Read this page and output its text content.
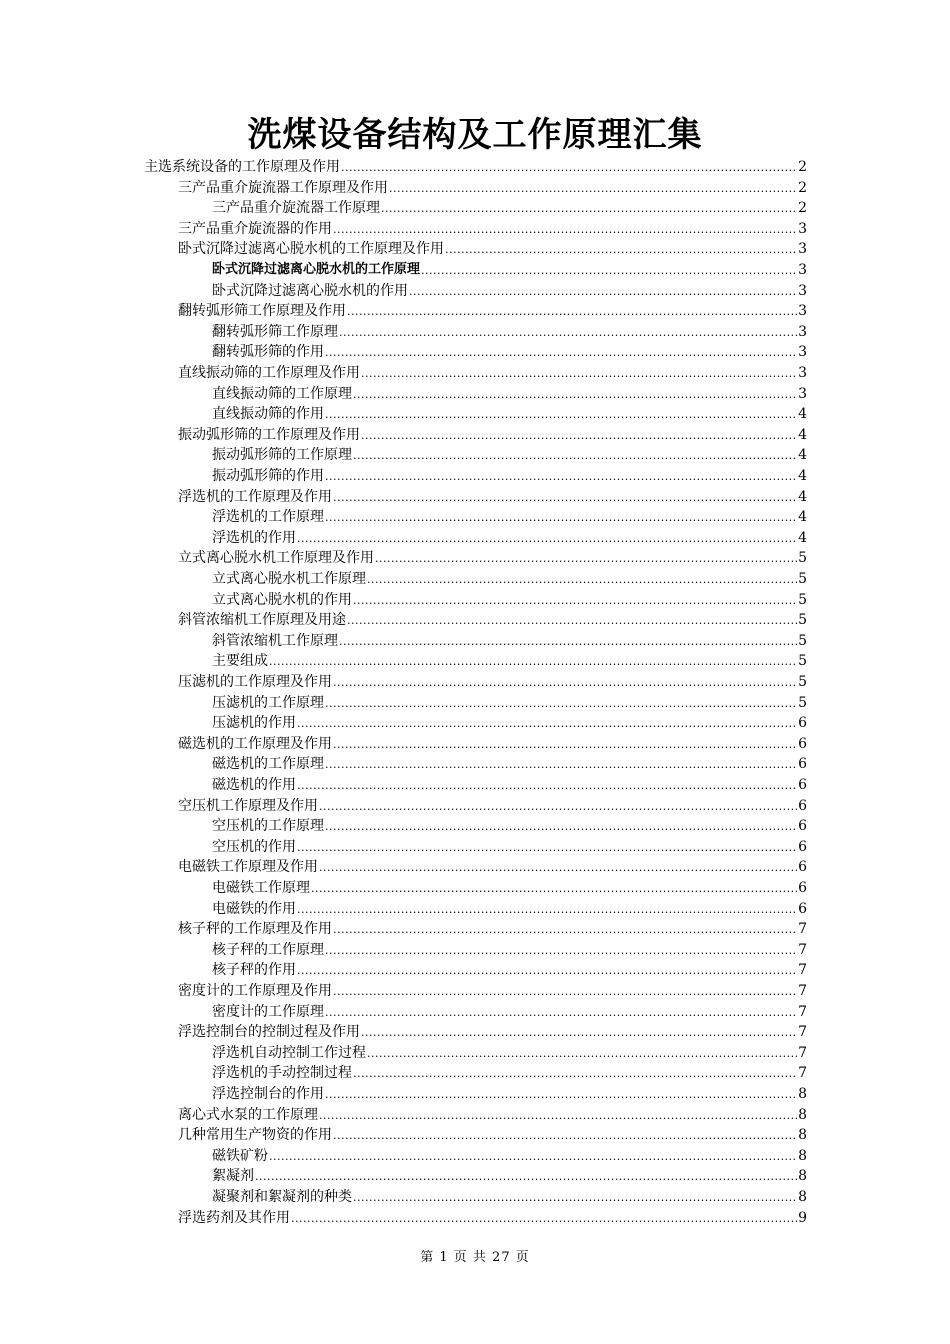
洗煤设备结构及工作原理汇集
主选系统设备的工作原理及作用 .....	2
三产品重介旋流器工作原理及作用 .....	2
三产品重介旋流器工作原理 .....	2
三产品重介旋流器的作用 .....	3
卧式沉降过滤离心脱水机的工作原理及作用 .....	3
卧式沉降过滤离心脱水机的工作原理 .....	3
卧式沉降过滤离心脱水机的作用 .....	3
翻转弧形筛工作原理及作用 .....	3
翻转弧形筛工作原理 .....	3
翻转弧形筛的作用 .....	3
直线振动筛的工作原理及作用 .....	3
直线振动筛的工作原理 .....	3
直线振动筛的作用 .....	4
振动弧形筛的工作原理及作用 .....	4
振动弧形筛的工作原理 .....	4
振动弧形筛的作用 .....	4
浮选机的工作原理及作用 .....	4
浮选机的工作原理 .....	4
浮选机的作用 .....	4
立式离心脱水机工作原理及作用 .....	5
立式离心脱水机工作原理 .....	5
立式离心脱水机的作用 .....	5
斜管浓缩机工作原理及用途 .....	5
斜管浓缩机工作原理 .....	5
主要组成 .....	5
压滤机的工作原理及作用 .....	5
压滤机的工作原理 .....	5
压滤机的作用 .....	6
磁选机的工作原理及作用 .....	6
磁选机的工作原理 .....	6
磁选机的作用 .....	6
空压机工作原理及作用 .....	6
空压机的工作原理 .....	6
空压机的作用 .....	6
电磁铁工作原理及作用 .....	6
电磁铁工作原理 .....	6
电磁铁的作用 .....	6
核子秤的工作原理及作用 .....	7
核子秤的工作原理 .....	7
核子秤的作用 .....	7
密度计的工作原理及作用 .....	7
密度计的工作原理 .....	7
浮选控制台的控制过程及作用 .....	7
浮选机自动控制工作过程 .....	7
浮选机的手动控制过程 .....	7
浮选控制台的作用 .....	8
离心式水泵的工作原理 .....	8
几种常用生产物资的作用 .....	8
磁铁矿粉 .....	8
絮凝剂 .....	8
凝聚剂和絮凝剂的种类 .....	8
浮选药剂及其作用 .....	9
第 1 页 共 27 页
